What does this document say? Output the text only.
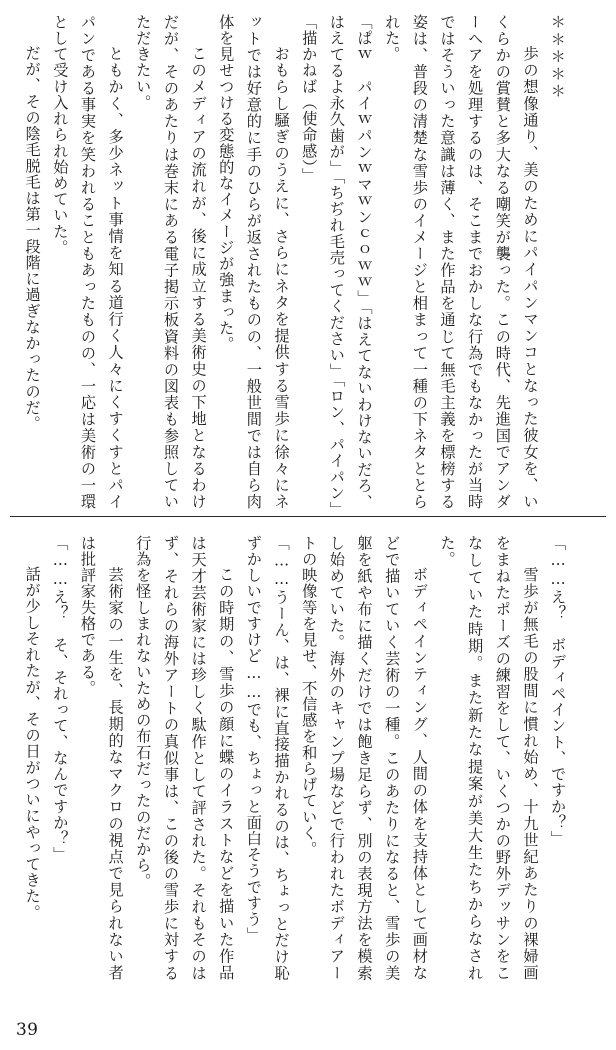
＊＊＊＊＊

　歩の想像通り、美のためにパイパンマンコとなった彼女を、いくらかの賞賛と多大なる嘲笑が襲った。この時代、先進国でアンダーヘアを処理するのは、そこまでおかしな行為でもなかったが当時ではそういった意識は薄く、また作品を通じて無毛主義を標榜する姿は、普段の清楚な雪歩のイメージと相まって一種の下ネタととられた。

「ぱｗ　パイｗパンｗマｗンｃｏｗｗ」「はえてないわけないだろ、はえてるよ永久歯が」「ちぢれ毛売ってください」「ロン、パイパン」「描かねば（使命感）」

　おもらし騒ぎのうえに、さらにネタを提供する雪歩に徐々にネットでは好意的に手のひらが返されたものの、一般世間では自ら肉体を見せつける変態的なイメージが強まった。

　このメディアの流れが、後に成立する美術史の下地となるわけだが、そのあたりは巻末にある電子掲示板資料の図表も参照していただきたい。

　ともかく、多少ネット事情を知る道行く人々にくすくすとパイパンである事実を笑われることもあったものの、一応は美術の一環として受け入れられ始めていた。

　だが、その陰毛脱毛は第一段階に過ぎなかったのだ。

「……え？　ボディペイント、ですか？」

　雪歩が無毛の股間に慣れ始め、十九世紀あたりの裸婦画をまねたポーズの練習をして、いくつかの野外デッサンをこなしていた時期。また新たな提案が美大生たちからなされた。

　ボディペインティング、人間の体を支持体として画材などで描いていく芸術の一種。このあたりになると、雪歩の美躯を紙や布に描くだけでは飽き足らず、別の表現方法を模索し始めていた。海外のキャンプ場などで行われたボディアートの映像等を見せ、不信感を和らげていく。

「……うーん、は、裸に直接描かれるのは、ちょっとだけ恥ずかしいですけど……でも、ちょっと面白そうですう」

　この時期の、雪歩の顔に蝶のイラストなどを描いた作品は天才芸術家には珍しく駄作として評された。それもそのはず、それらの海外アートの真似事は、この後の雪歩に対する行為を怪しまれないための布石だったのだから。

　芸術家の一生を、長期的なマクロの視点で見られない者は批評家失格である。

「……え？　そ、それって、なんですか？」

　話が少しそれたが、その日がついにやってきた。

39
